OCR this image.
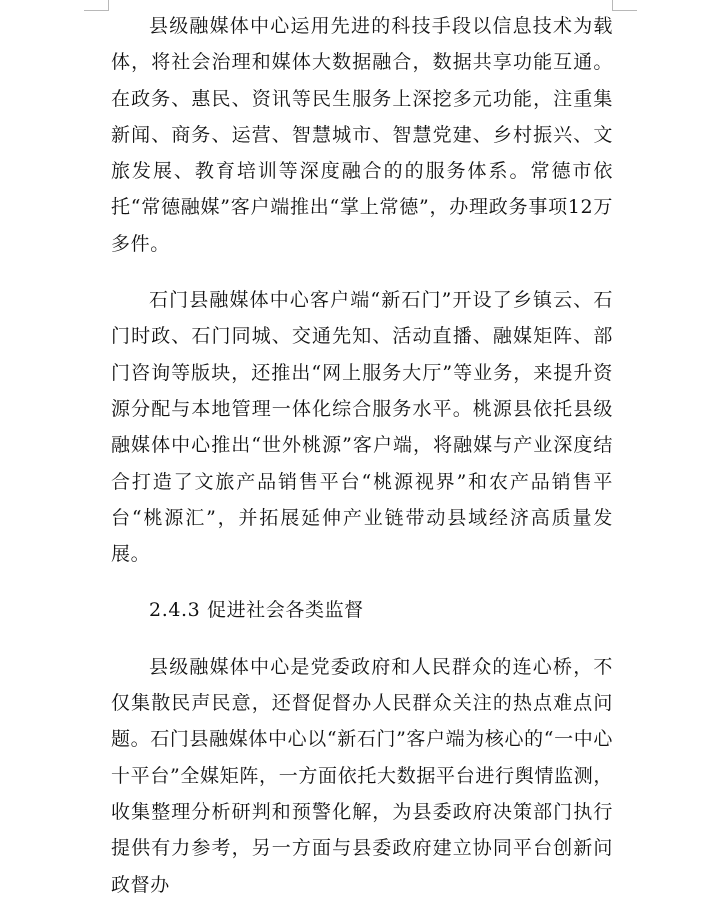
县级融媒体中心运用先进的科技手段以信息技术为载体，将社会治理和媒体大数据融合，数据共享功能互通。在政务、惠民、资讯等民生服务上深挖多元功能，注重集新闻、商务、运营、智慧城市、智慧党建、乡村振兴、文旅发展、教育培训等深度融合的的服务体系。常德市依托“常德融媒”客户端推出“掌上常德”，办理政务事项12万多件。

石门县融媒体中心客户端“新石门”开设了乡镇云、石门时政、石门同城、交通先知、活动直播、融媒矩阵、部门咨询等版块，还推出“网上服务大厅”等业务，来提升资源分配与本地管理一体化综合服务水平。桃源县依托县级融媒体中心推出“世外桃源”客户端，将融媒与产业深度结合打造了文旅产品销售平台“桃源视界”和农产品销售平台“桃源汇”，并拓展延伸产业链带动县域经济高质量发展。

2.4.3 促进社会各类监督

县级融媒体中心是党委政府和人民群众的连心桥，不仅集散民声民意，还督促督办人民群众关注的热点难点问题。石门县融媒体中心以“新石门”客户端为核心的“一中心十平台”全媒矩阵，一方面依托大数据平台进行舆情监测，收集整理分析研判和预警化解，为县委政府决策部门执行提供有力参考，另一方面与县委政府建立协同平台创新问政督办
